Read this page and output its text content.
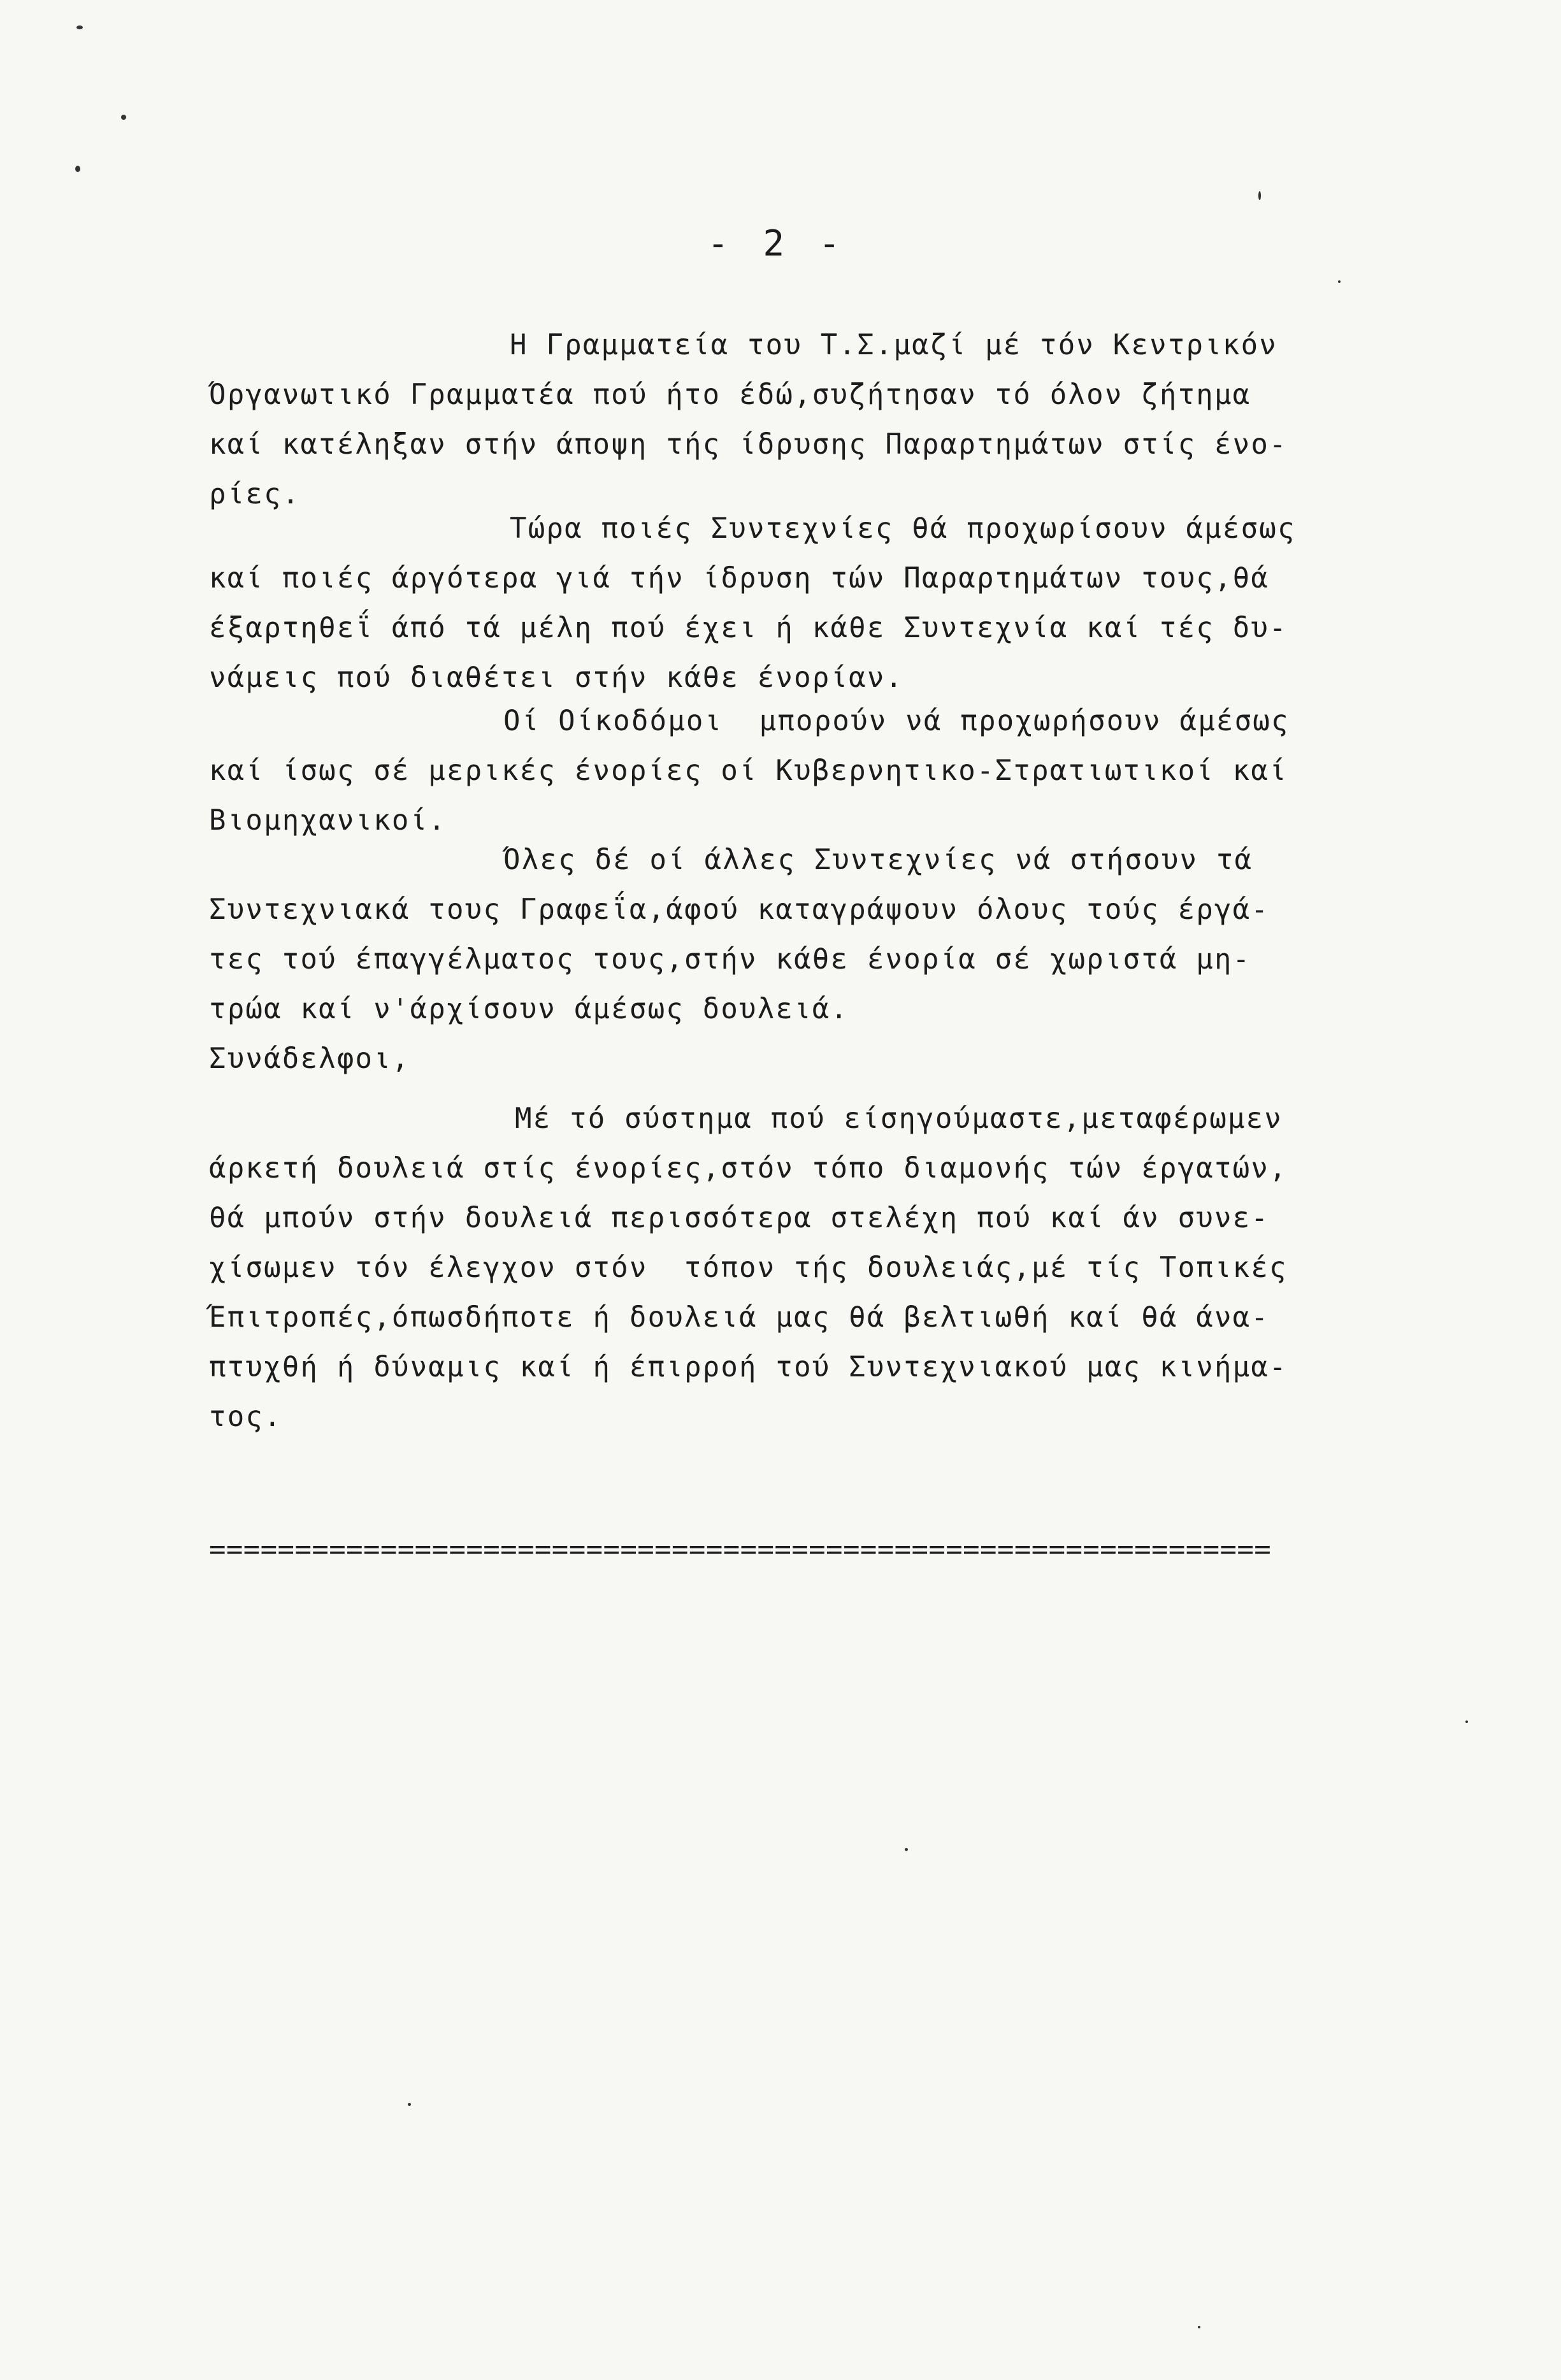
- 2 -
Η Γραμματεία του Τ.Σ.μαζί μέ τόν Κεντρικόν
Όργανωτικό Γραμματέα πού ήτο έδώ,συζήτησαν τό όλον ζήτημα
καί κατέληξαν στήν άποψη τής ίδρυσης Παραρτημάτων στίς ένο-
ρίες.
Τώρα ποιές Συντεχνίες θά προχωρίσουν άμέσως
καί ποιές άργότερα γιά τήν ίδρυση τών Παραρτημάτων τους,θά
έξαρτηθεΐ άπό τά μέλη πού έχει ή κάθε Συντεχνία καί τές δυ-
νάμεις πού διαθέτει στήν κάθε ένορίαν.
Οί Οίκοδόμοι  μπορούν νά προχωρήσουν άμέσως
καί ίσως σέ μερικές ένορίες οί Κυβερνητικο-Στρατιωτικοί καί
Βιομηχανικοί.
Όλες δέ οί άλλες Συντεχνίες νά στήσουν τά
Συντεχνιακά τους Γραφεΐα,άφού καταγράψουν όλους τούς έργά-
τες τού έπαγγέλματος τους,στήν κάθε ένορία σέ χωριστά μη-
τρώα καί ν'άρχίσουν άμέσως δουλειά.
Συνάδελφοι,
Μέ τό σύστημα πού είσηγούμαστε,μεταφέρωμεν
άρκετή δουλειά στίς ένορίες,στόν τόπο διαμονής τών έργατών,
θά μπούν στήν δουλειά περισσότερα στελέχη πού καί άν συνε-
χίσωμεν τόν έλεγχον στόν  τόπον τής δουλειάς,μέ τίς Τοπικές
Έπιτροπές,όπωσδήποτε ή δουλειά μας θά βελτιωθή καί θά άνα-
πτυχθή ή δύναμις καί ή έπιρροή τού Συντεχνιακού μας κινήμα-
τος.
==============================================================
